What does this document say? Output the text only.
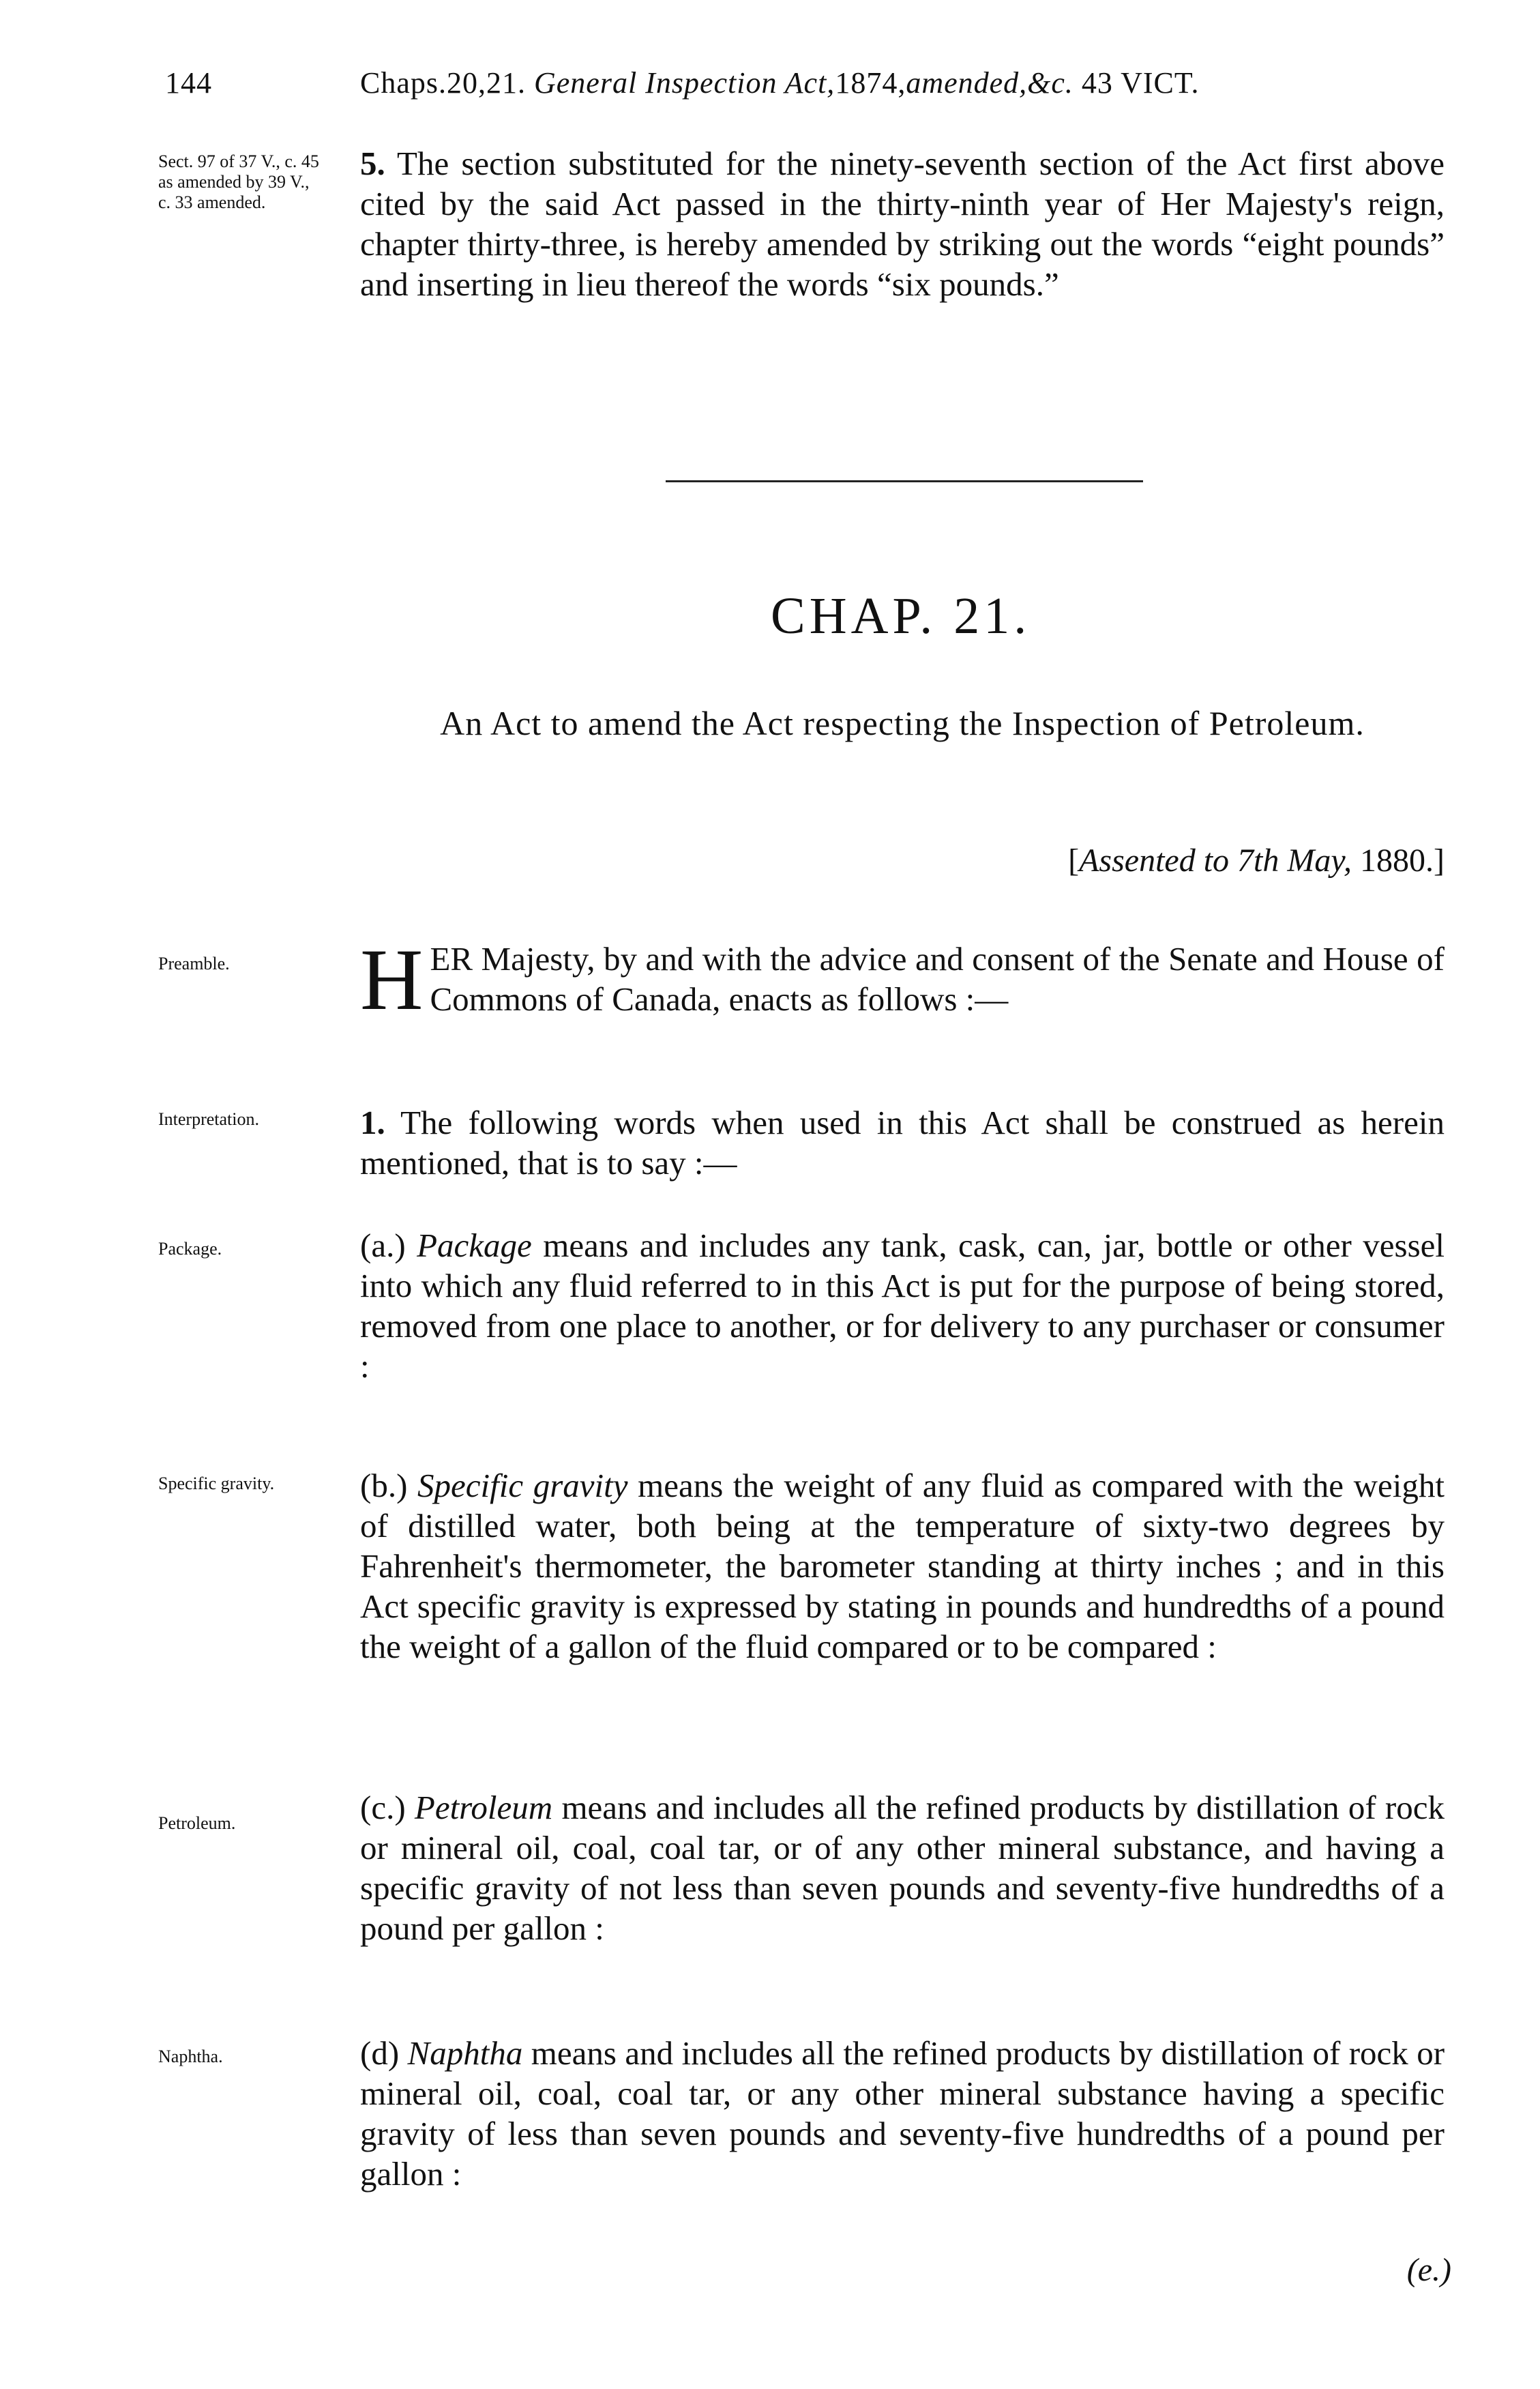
144	Chaps.20,21. General Inspection Act,1874,amended,&c. 43 VICT.
Sect. 97 of 37 V., c. 45 as amended by 39 V., c. 33 amended.
5. The section substituted for the ninety-seventh section of the Act first above cited by the said Act passed in the thirty-ninth year of Her Majesty's reign, chapter thirty-three, is hereby amended by striking out the words “eight pounds” and inserting in lieu thereof the words “six pounds.”
CHAP. 21.
An Act to amend the Act respecting the Inspection of Petroleum.
[Assented to 7th May, 1880.]
Preamble.	HER Majesty, by and with the advice and consent of the Senate and House of Commons of Canada, enacts as follows :—
Interpretation.	1. The following words when used in this Act shall be construed as herein mentioned, that is to say :—
Package.	(a.) Package means and includes any tank, cask, can, jar, bottle or other vessel into which any fluid referred to in this Act is put for the purpose of being stored, removed from one place to another, or for delivery to any purchaser or consumer :
Specific gravity.	(b.) Specific gravity means the weight of any fluid as compared with the weight of distilled water, both being at the temperature of sixty-two degrees by Fahrenheit's thermometer, the barometer standing at thirty inches ; and in this Act specific gravity is expressed by stating in pounds and hundredths of a pound the weight of a gallon of the fluid compared or to be compared :
Petroleum.	(c.) Petroleum means and includes all the refined products by distillation of rock or mineral oil, coal, coal tar, or of any other mineral substance, and having a specific gravity of not less than seven pounds and seventy-five hundredths of a pound per gallon :
Naphtha.	(d) Naphtha means and includes all the refined products by distillation of rock or mineral oil, coal, coal tar, or any other mineral substance having a specific gravity of less than seven pounds and seventy-five hundredths of a pound per gallon :
(e.)
